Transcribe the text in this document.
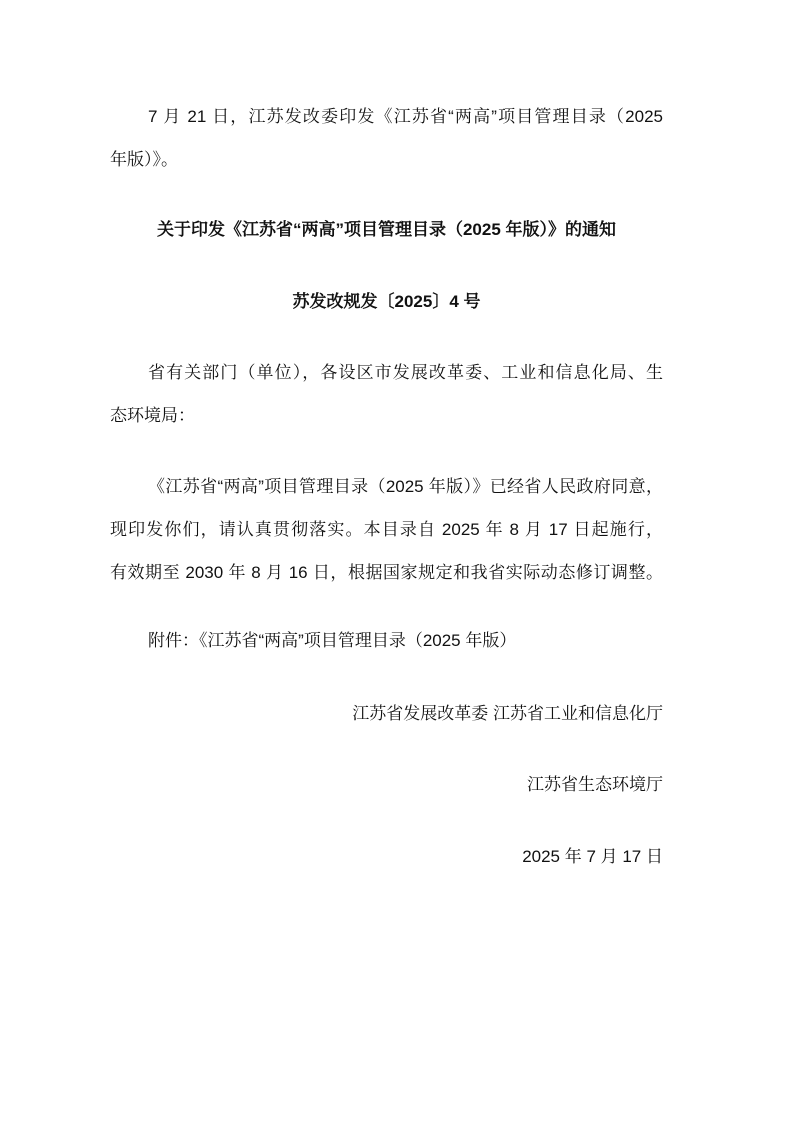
7 月 21 日，江苏发改委印发《江苏省“两高”项目管理目录（2025
年版）》。
关于印发《江苏省“两高”项目管理目录（2025 年版）》的通知
苏发改规发〔2025〕4 号
省有关部门（单位），各设区市发展改革委、工业和信息化局、生
态环境局：
《江苏省“两高”项目管理目录（2025 年版）》已经省人民政府同意，
现印发你们，请认真贯彻落实。本目录自 2025 年 8 月 17 日起施行，
有效期至 2030 年 8 月 16 日，根据国家规定和我省实际动态修订调整。
附件：《江苏省“两高”项目管理目录（2025 年版）
江苏省发展改革委 江苏省工业和信息化厅
江苏省生态环境厅
2025 年 7 月 17 日
